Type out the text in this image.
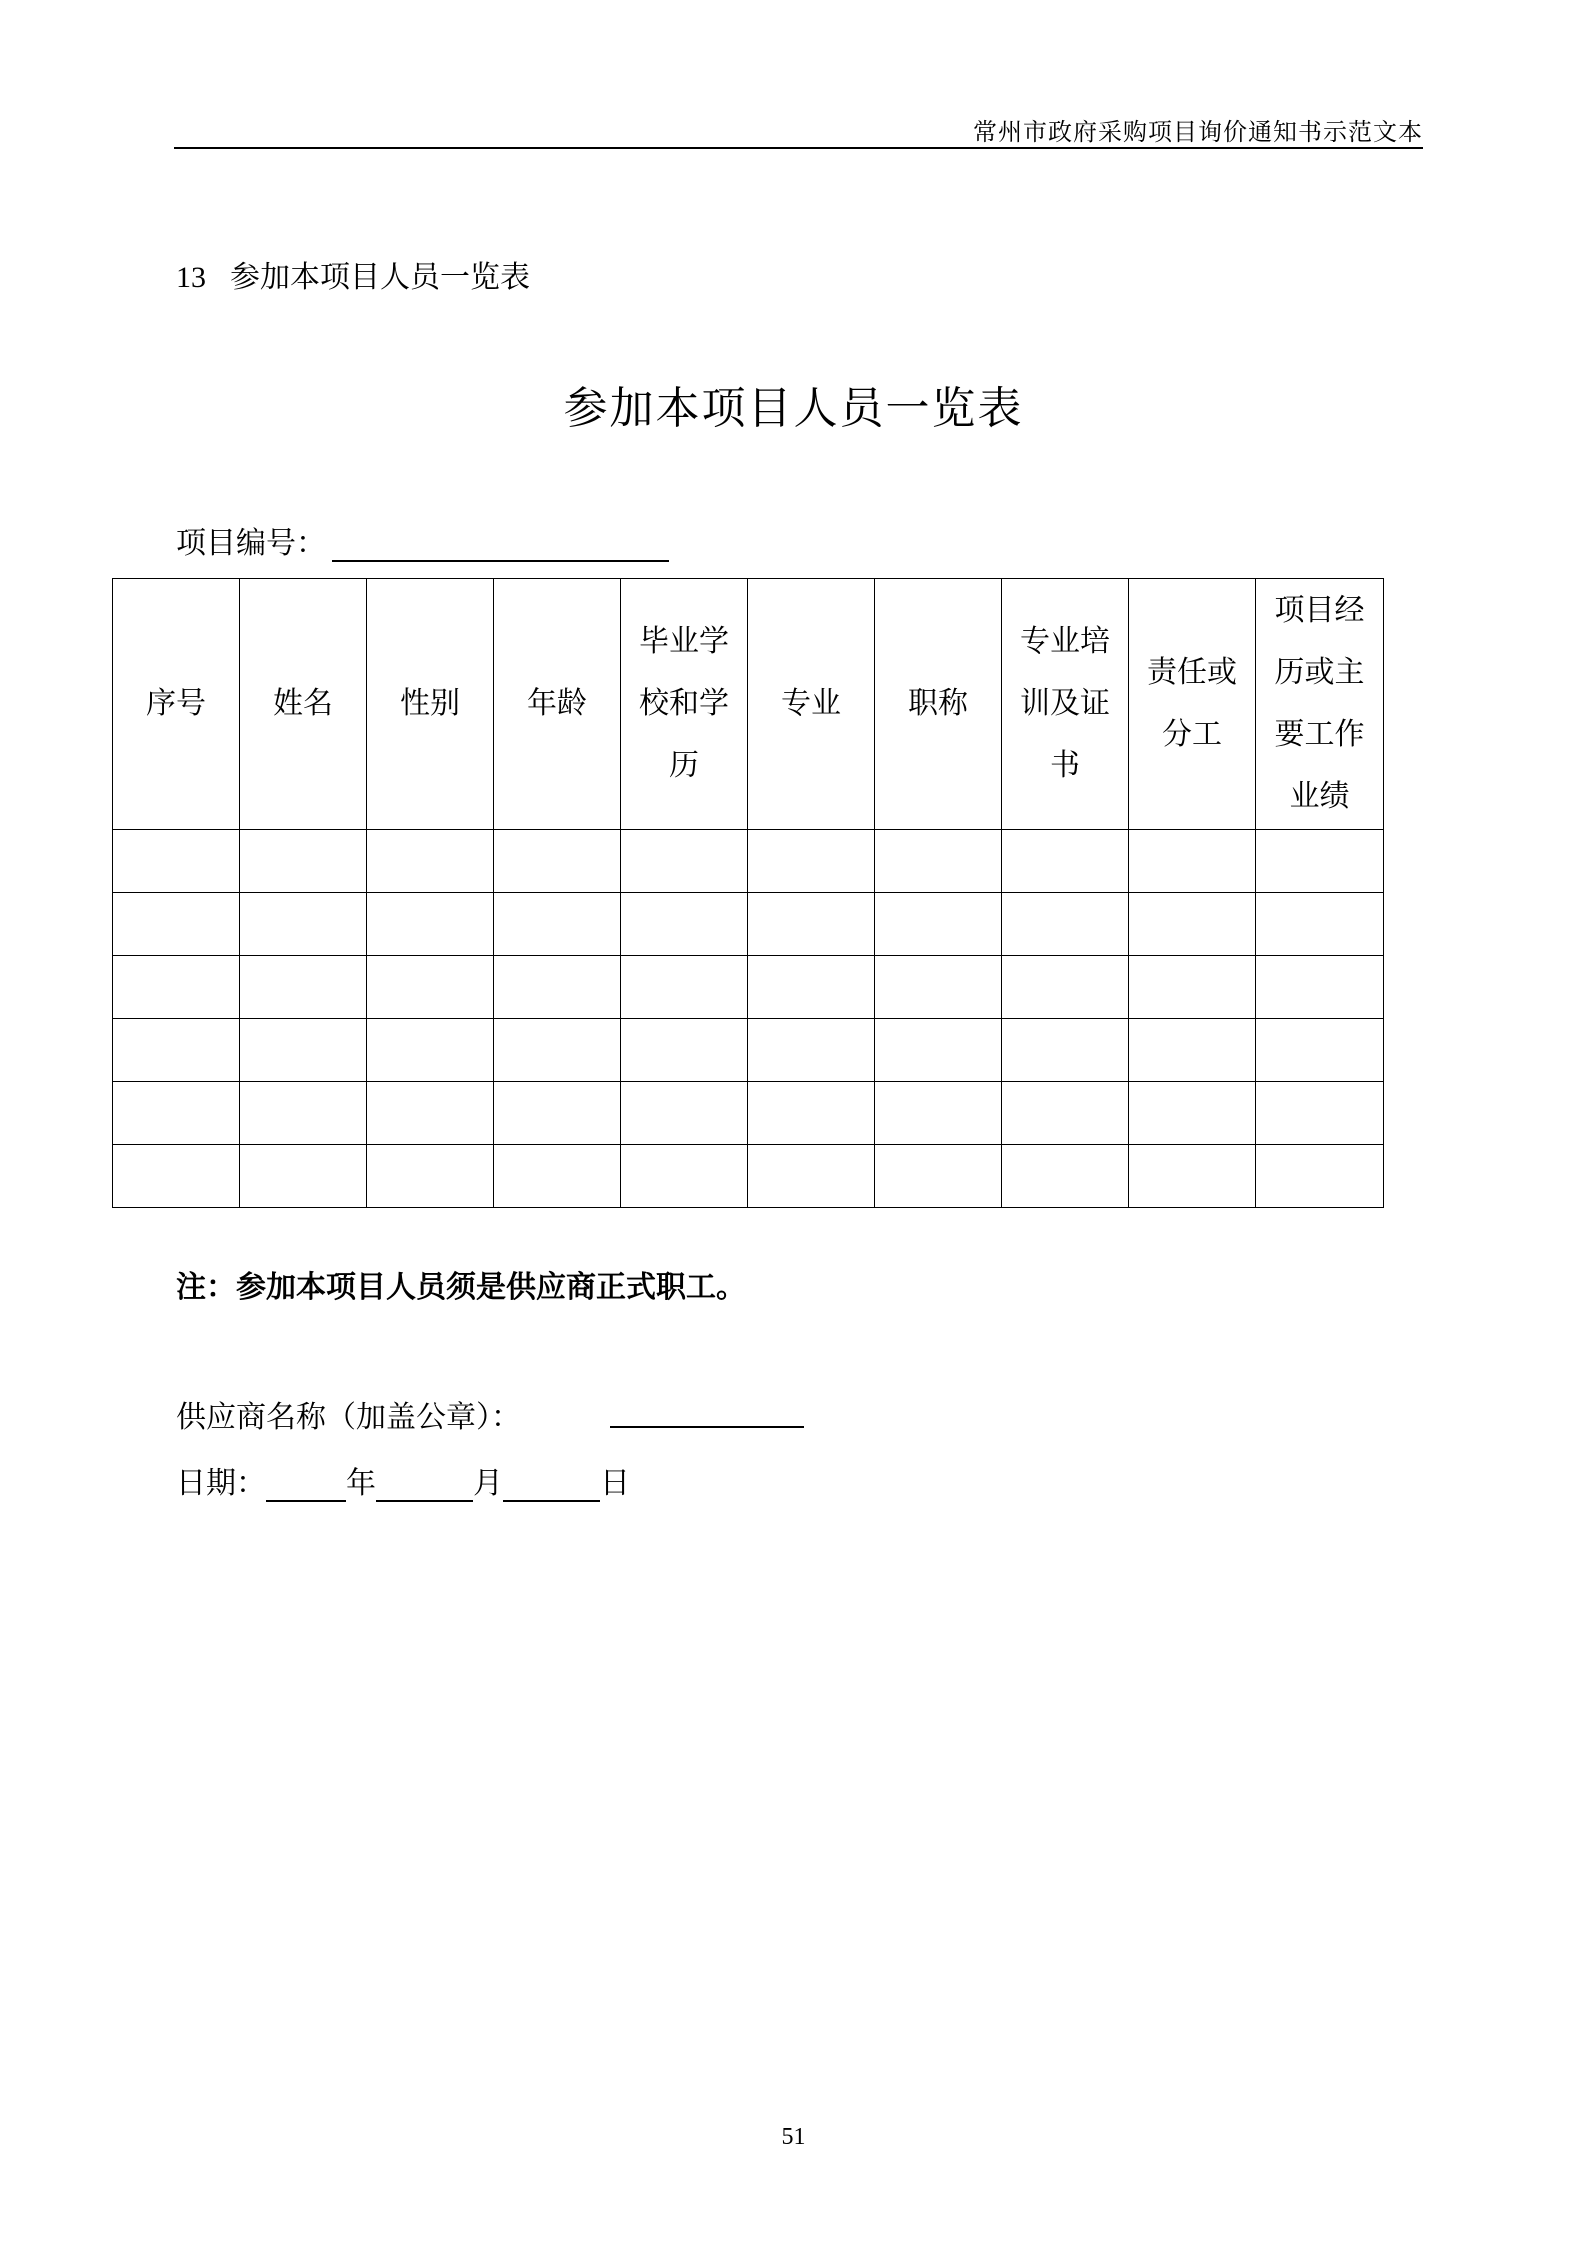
常州市政府采购项目询价通知书示范文本
13 参加本项目人员一览表
参加本项目人员一览表
项目编号：
序号	姓名	性别	年龄	毕业学校和学历	专业	职称	专业培训及证书	责任或分工	项目经历或主要工作业绩

注：参加本项目人员须是供应商正式职工。
供应商名称（加盖公章）：
日期：	年	月	日
51
